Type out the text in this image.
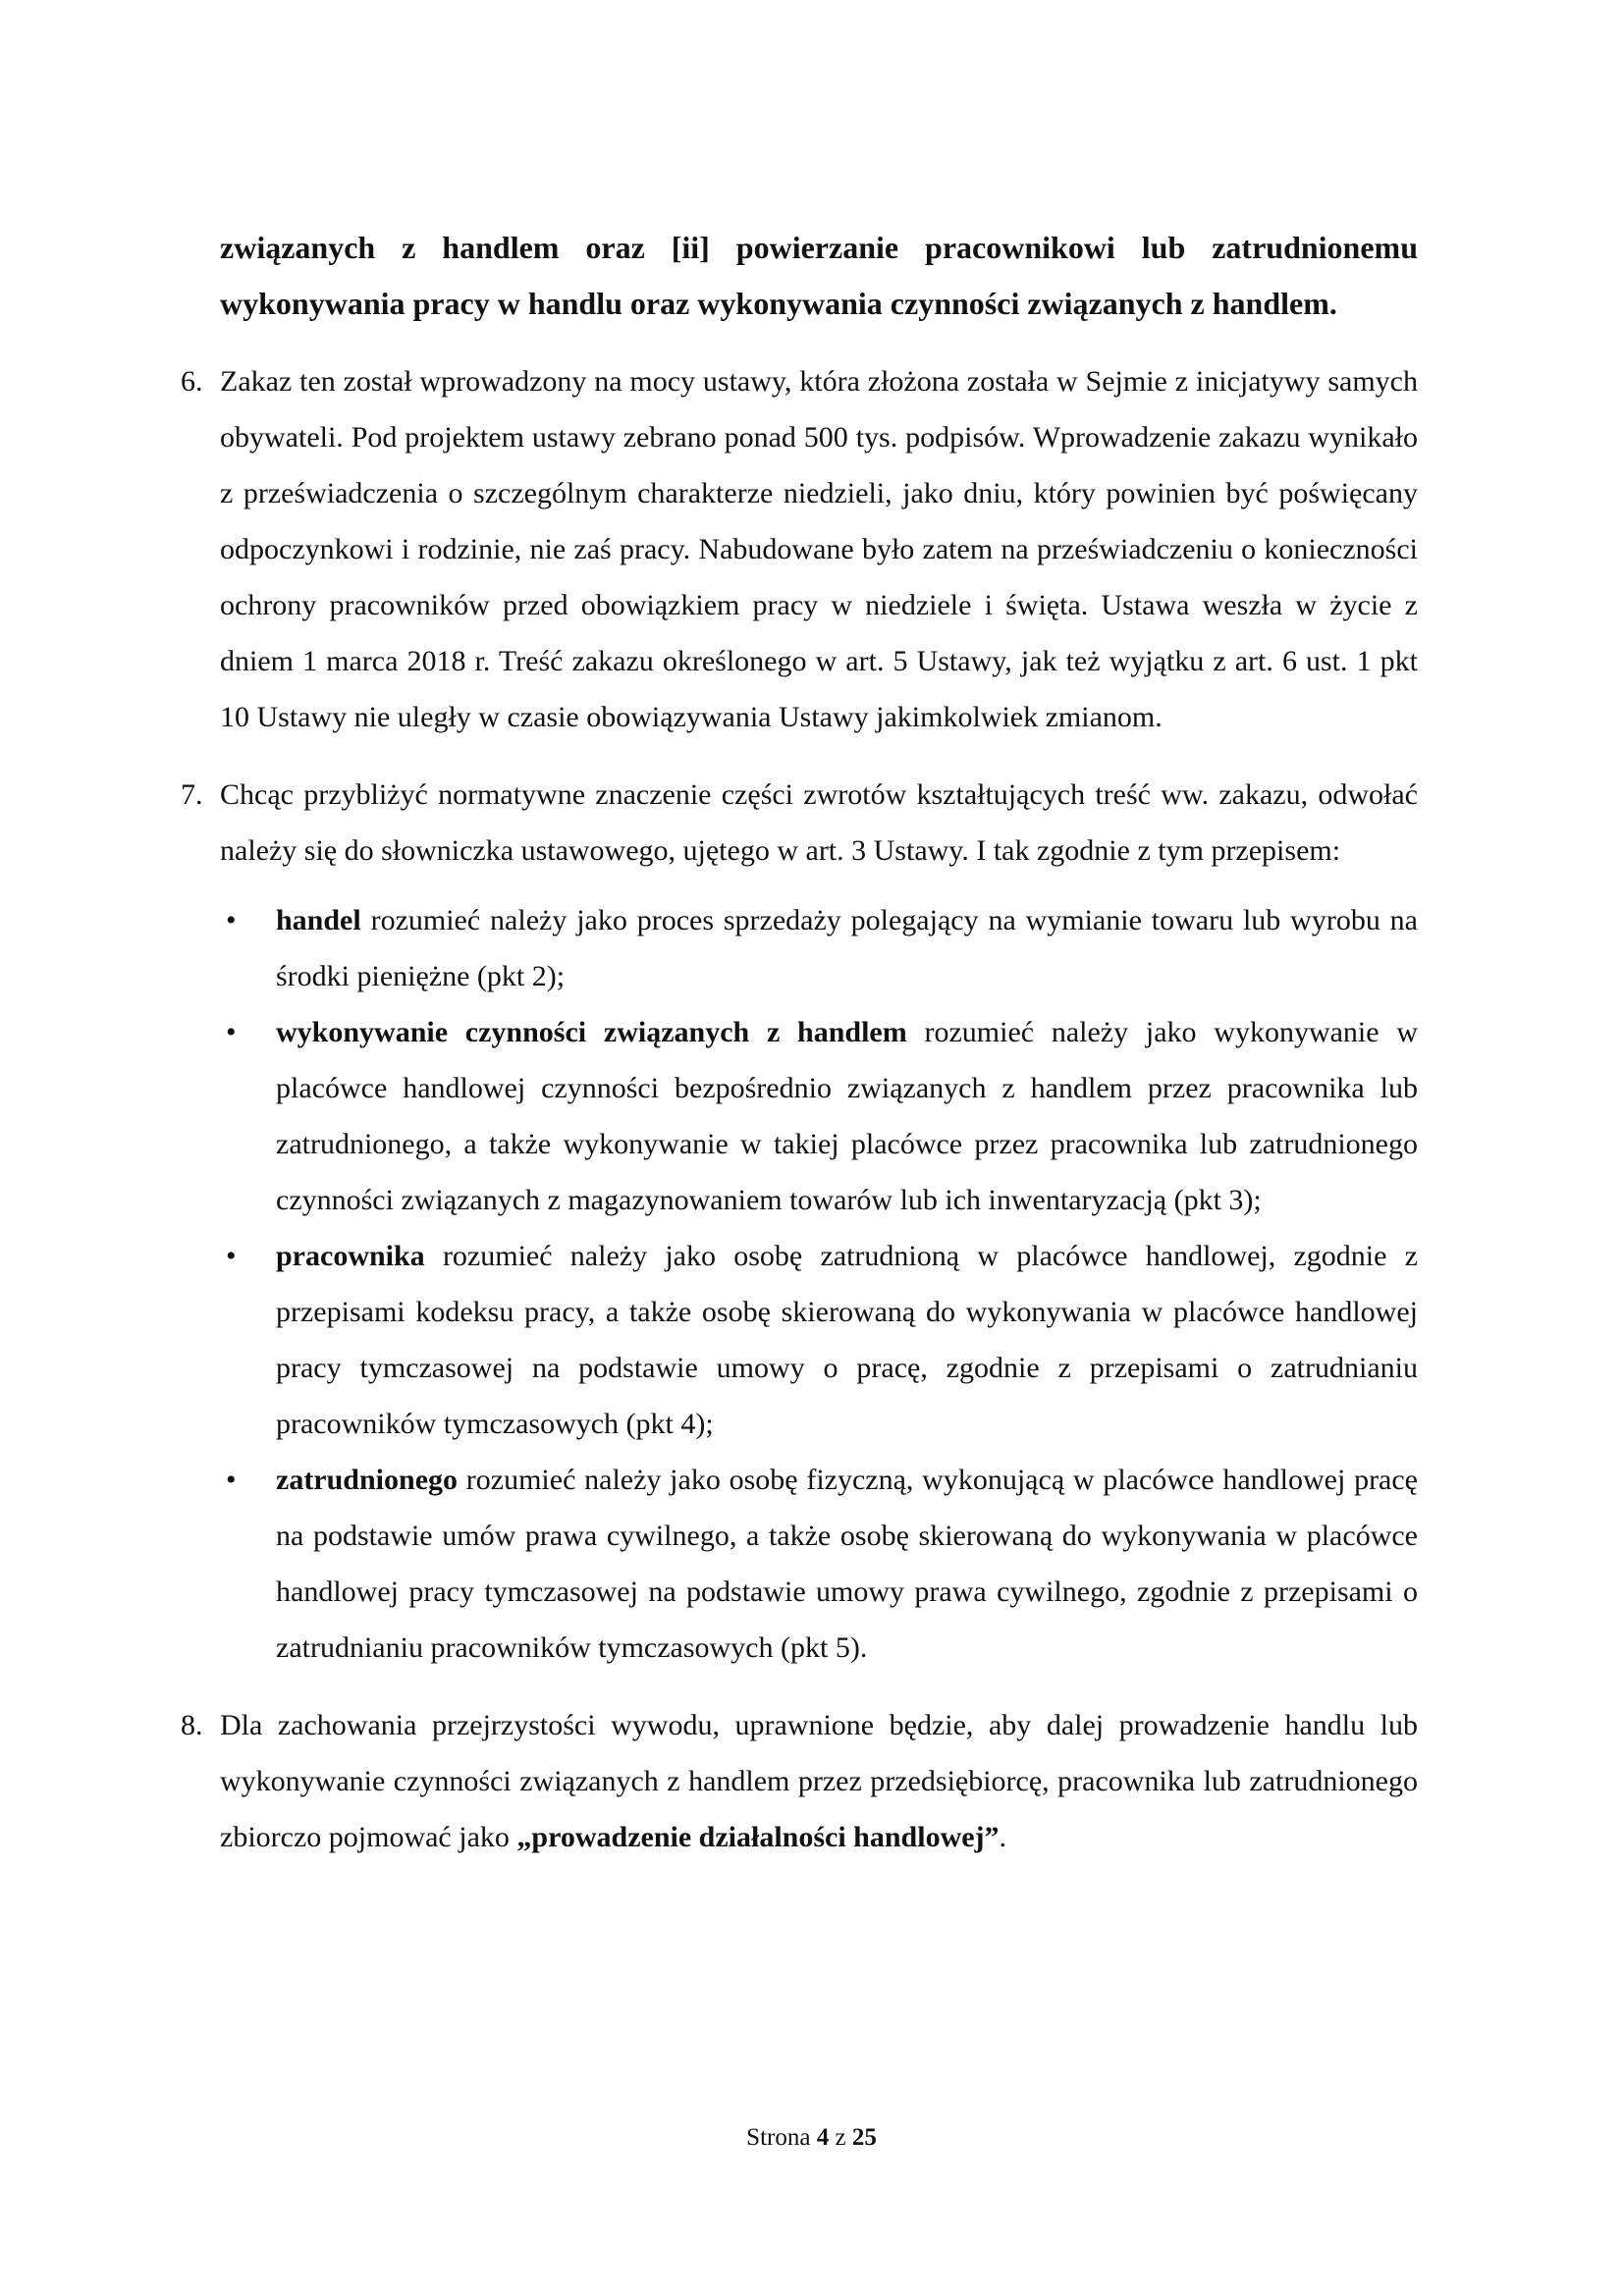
związanych z handlem oraz [ii] powierzanie pracownikowi lub zatrudnionemu wykonywania pracy w handlu oraz wykonywania czynności związanych z handlem.

6. Zakaz ten został wprowadzony na mocy ustawy, która złożona została w Sejmie z inicjatywy samych obywateli. Pod projektem ustawy zebrano ponad 500 tys. podpisów. Wprowadzenie zakazu wynikało z przeświadczenia o szczególnym charakterze niedzieli, jako dniu, który powinien być poświęcany odpoczynkowi i rodzinie, nie zaś pracy. Nabudowane było zatem na przeświadczeniu o konieczności ochrony pracowników przed obowiązkiem pracy w niedziele i święta. Ustawa weszła w życie z dniem 1 marca 2018 r. Treść zakazu określonego w art. 5 Ustawy, jak też wyjątku z art. 6 ust. 1 pkt 10 Ustawy nie uległy w czasie obowiązywania Ustawy jakimkolwiek zmianom.

7. Chcąc przybliżyć normatywne znaczenie części zwrotów kształtujących treść ww. zakazu, odwołać należy się do słowniczka ustawowego, ujętego w art. 3 Ustawy. I tak zgodnie z tym przepisem:

• handel rozumieć należy jako proces sprzedaży polegający na wymianie towaru lub wyrobu na środki pieniężne (pkt 2);

• wykonywanie czynności związanych z handlem rozumieć należy jako wykonywanie w placówce handlowej czynności bezpośrednio związanych z handlem przez pracownika lub zatrudnionego, a także wykonywanie w takiej placówce przez pracownika lub zatrudnionego czynności związanych z magazynowaniem towarów lub ich inwentaryzacją (pkt 3);

• pracownika rozumieć należy jako osobę zatrudnioną w placówce handlowej, zgodnie z przepisami kodeksu pracy, a także osobę skierowaną do wykonywania w placówce handlowej pracy tymczasowej na podstawie umowy o pracę, zgodnie z przepisami o zatrudnianiu pracowników tymczasowych (pkt 4);

• zatrudnionego rozumieć należy jako osobę fizyczną, wykonującą w placówce handlowej pracę na podstawie umów prawa cywilnego, a także osobę skierowaną do wykonywania w placówce handlowej pracy tymczasowej na podstawie umowy prawa cywilnego, zgodnie z przepisami o zatrudnianiu pracowników tymczasowych (pkt 5).

8. Dla zachowania przejrzystości wywodu, uprawnione będzie, aby dalej prowadzenie handlu lub wykonywanie czynności związanych z handlem przez przedsiębiorcę, pracownika lub zatrudnionego zbiorczo pojmować jako „prowadzenie działalności handlowej”.

Strona 4 z 25
